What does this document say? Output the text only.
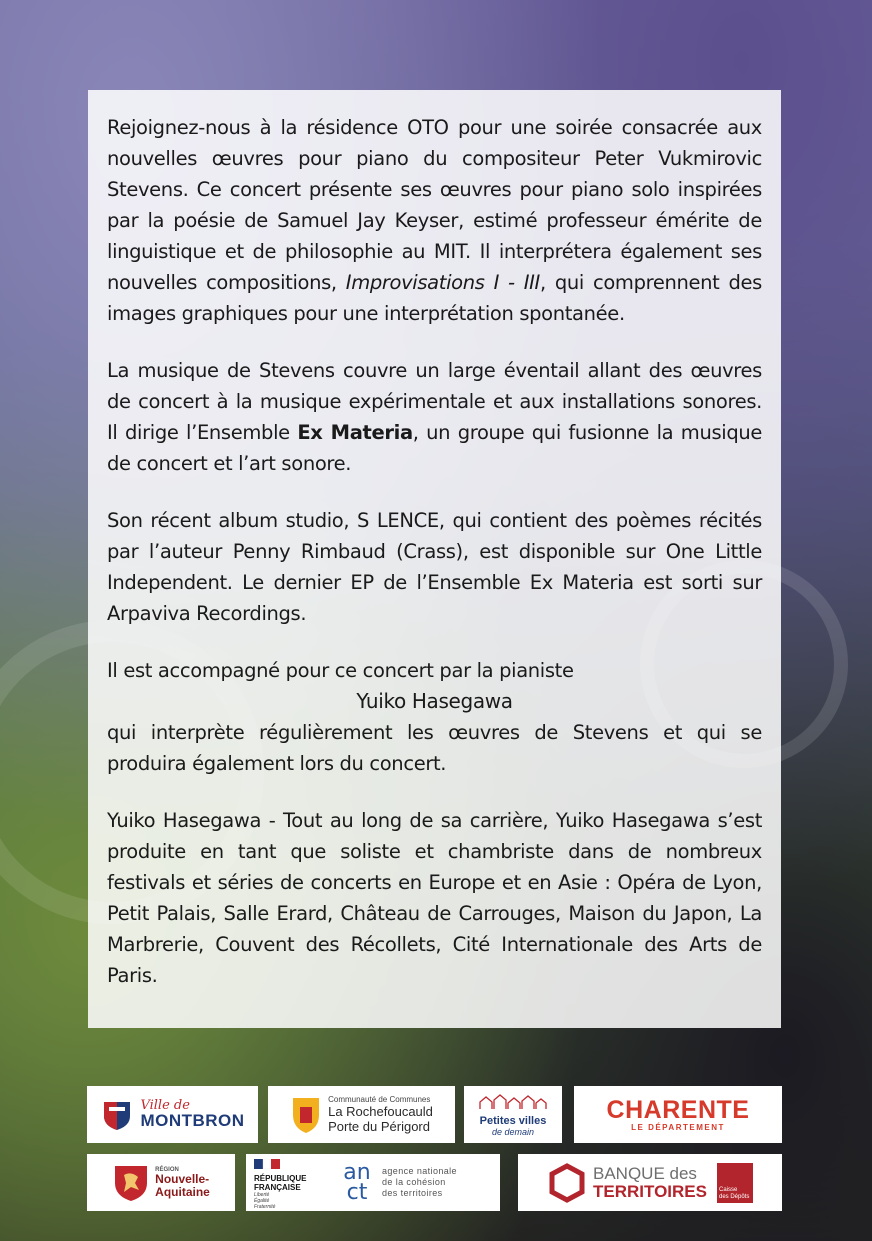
Rejoignez-nous à la résidence OTO pour une soirée consacrée aux nouvelles œuvres pour piano du compositeur Peter Vukmirovic Stevens. Ce concert présente ses œuvres pour piano solo inspirées par la poésie de Samuel Jay Keyser, estimé professeur émérite de linguistique et de philosophie au MIT. Il interprétera également ses nouvelles compositions, Improvisations I - III, qui comprennent des images graphiques pour une interprétation spontanée.

La musique de Stevens couvre un large éventail allant des œuvres de concert à la musique expérimentale et aux installations sonores. Il dirige l’Ensemble Ex Materia, un groupe qui fusionne la musique de concert et l’art sonore.

Son récent album studio, S LENCE, qui contient des poèmes récités par l’auteur Penny Rimbaud (Crass), est disponible sur One Little Independent. Le dernier EP de l’Ensemble Ex Materia est sorti sur Arpaviva Recordings.

Il est accompagné pour ce concert par la pianiste

Yuiko Hasegawa

qui interprète régulièrement les œuvres de Stevens et qui se produira également lors du concert.

Yuiko Hasegawa - Tout au long de sa carrière, Yuiko Hasegawa s’est produite en tant que soliste et chambriste dans de nombreux festivals et séries de concerts en Europe et en Asie : Opéra de Lyon, Petit Palais, Salle Erard, Château de Carrouges, Maison du Japon, La Marbrerie, Couvent des Récollets, Cité Internationale des Arts de Paris.

Ville de
MONTBRON
Communauté de Communes
La Rochefoucauld
Porte du Périgord	Petites villes
de demain
CHARENTE
LE DÉPARTEMENT
RÉGION
Nouvelle-
Aquitaine
RÉPUBLIQUE
FRANÇAISE
Liberté
Égalité
Fraternité
an
ct
agence nationale
de la cohésion
des territoires
BANQUE des
TERRITOIRES Caisse
des Dépôts
